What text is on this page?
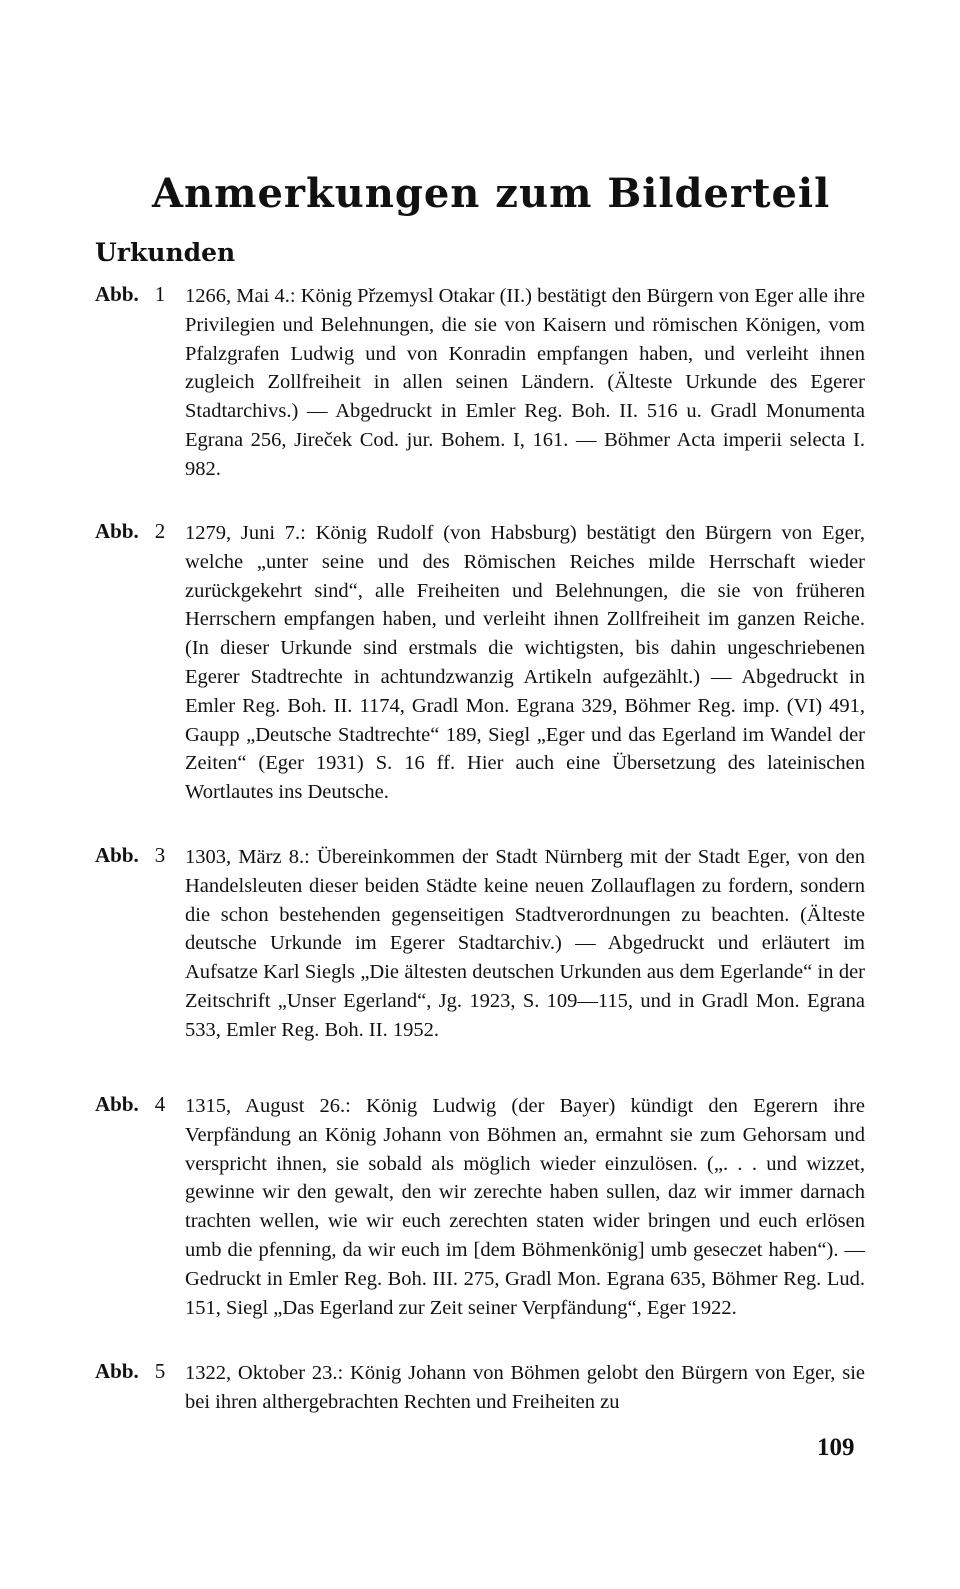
Anmerkungen zum Bilderteil
Urkunden
Abb. 1 1266, Mai 4.: König Přzemysl Otakar (II.) bestätigt den Bürgern von Eger alle ihre Privilegien und Belehnungen, die sie von Kaisern und römischen Königen, vom Pfalzgrafen Ludwig und von Konradin empfangen haben, und verleiht ihnen zugleich Zollfreiheit in allen seinen Ländern. (Älteste Urkunde des Egerer Stadtarchivs.) — Abgedruckt in Emler Reg. Boh. II. 516 u. Gradl Monumenta Egrana 256, Jireček Cod. jur. Bohem. I, 161. — Böhmer Acta imperii selecta I. 982.
Abb. 2 1279, Juni 7.: König Rudolf (von Habsburg) bestätigt den Bürgern von Eger, welche „unter seine und des Römischen Reiches milde Herrschaft wieder zurückgekehrt sind“, alle Freiheiten und Belehnungen, die sie von früheren Herrschern empfangen haben, und verleiht ihnen Zollfreiheit im ganzen Reiche. (In dieser Urkunde sind erstmals die wichtigsten, bis dahin ungeschriebenen Egerer Stadtrechte in achtundzwanzig Artikeln aufgezählt.) — Abgedruckt in Emler Reg. Boh. II. 1174, Gradl Mon. Egrana 329, Böhmer Reg. imp. (VI) 491, Gaupp „Deutsche Stadtrechte“ 189, Siegl „Eger und das Egerland im Wandel der Zeiten“ (Eger 1931) S. 16 ff. Hier auch eine Übersetzung des lateinischen Wortlautes ins Deutsche.
Abb. 3 1303, März 8.: Übereinkommen der Stadt Nürnberg mit der Stadt Eger, von den Handelsleuten dieser beiden Städte keine neuen Zollauflagen zu fordern, sondern die schon bestehenden gegenseitigen Stadtverordnungen zu beachten. (Älteste deutsche Urkunde im Egerer Stadtarchiv.) — Abgedruckt und erläutert im Aufsatze Karl Siegls „Die ältesten deutschen Urkunden aus dem Egerlande“ in der Zeitschrift „Unser Egerland“, Jg. 1923, S. 109—115, und in Gradl Mon. Egrana 533, Emler Reg. Boh. II. 1952.
Abb. 4 1315, August 26.: König Ludwig (der Bayer) kündigt den Egerern ihre Verpfändung an König Johann von Böhmen an, ermahnt sie zum Gehorsam und verspricht ihnen, sie sobald als möglich wieder einzulösen. („. . . und wizzet, gewinne wir den gewalt, den wir zerechte haben sullen, daz wir immer darnach trachten wellen, wie wir euch zerechten staten wider bringen und euch erlösen umb die pfenning, da wir euch im [dem Böhmenkönig] umb geseczet haben“). — Gedruckt in Emler Reg. Boh. III. 275, Gradl Mon. Egrana 635, Böhmer Reg. Lud. 151, Siegl „Das Egerland zur Zeit seiner Verpfändung“, Eger 1922.
Abb. 5 1322, Oktober 23.: König Johann von Böhmen gelobt den Bürgern von Eger, sie bei ihren althergebrachten Rechten und Freiheiten zu
109
